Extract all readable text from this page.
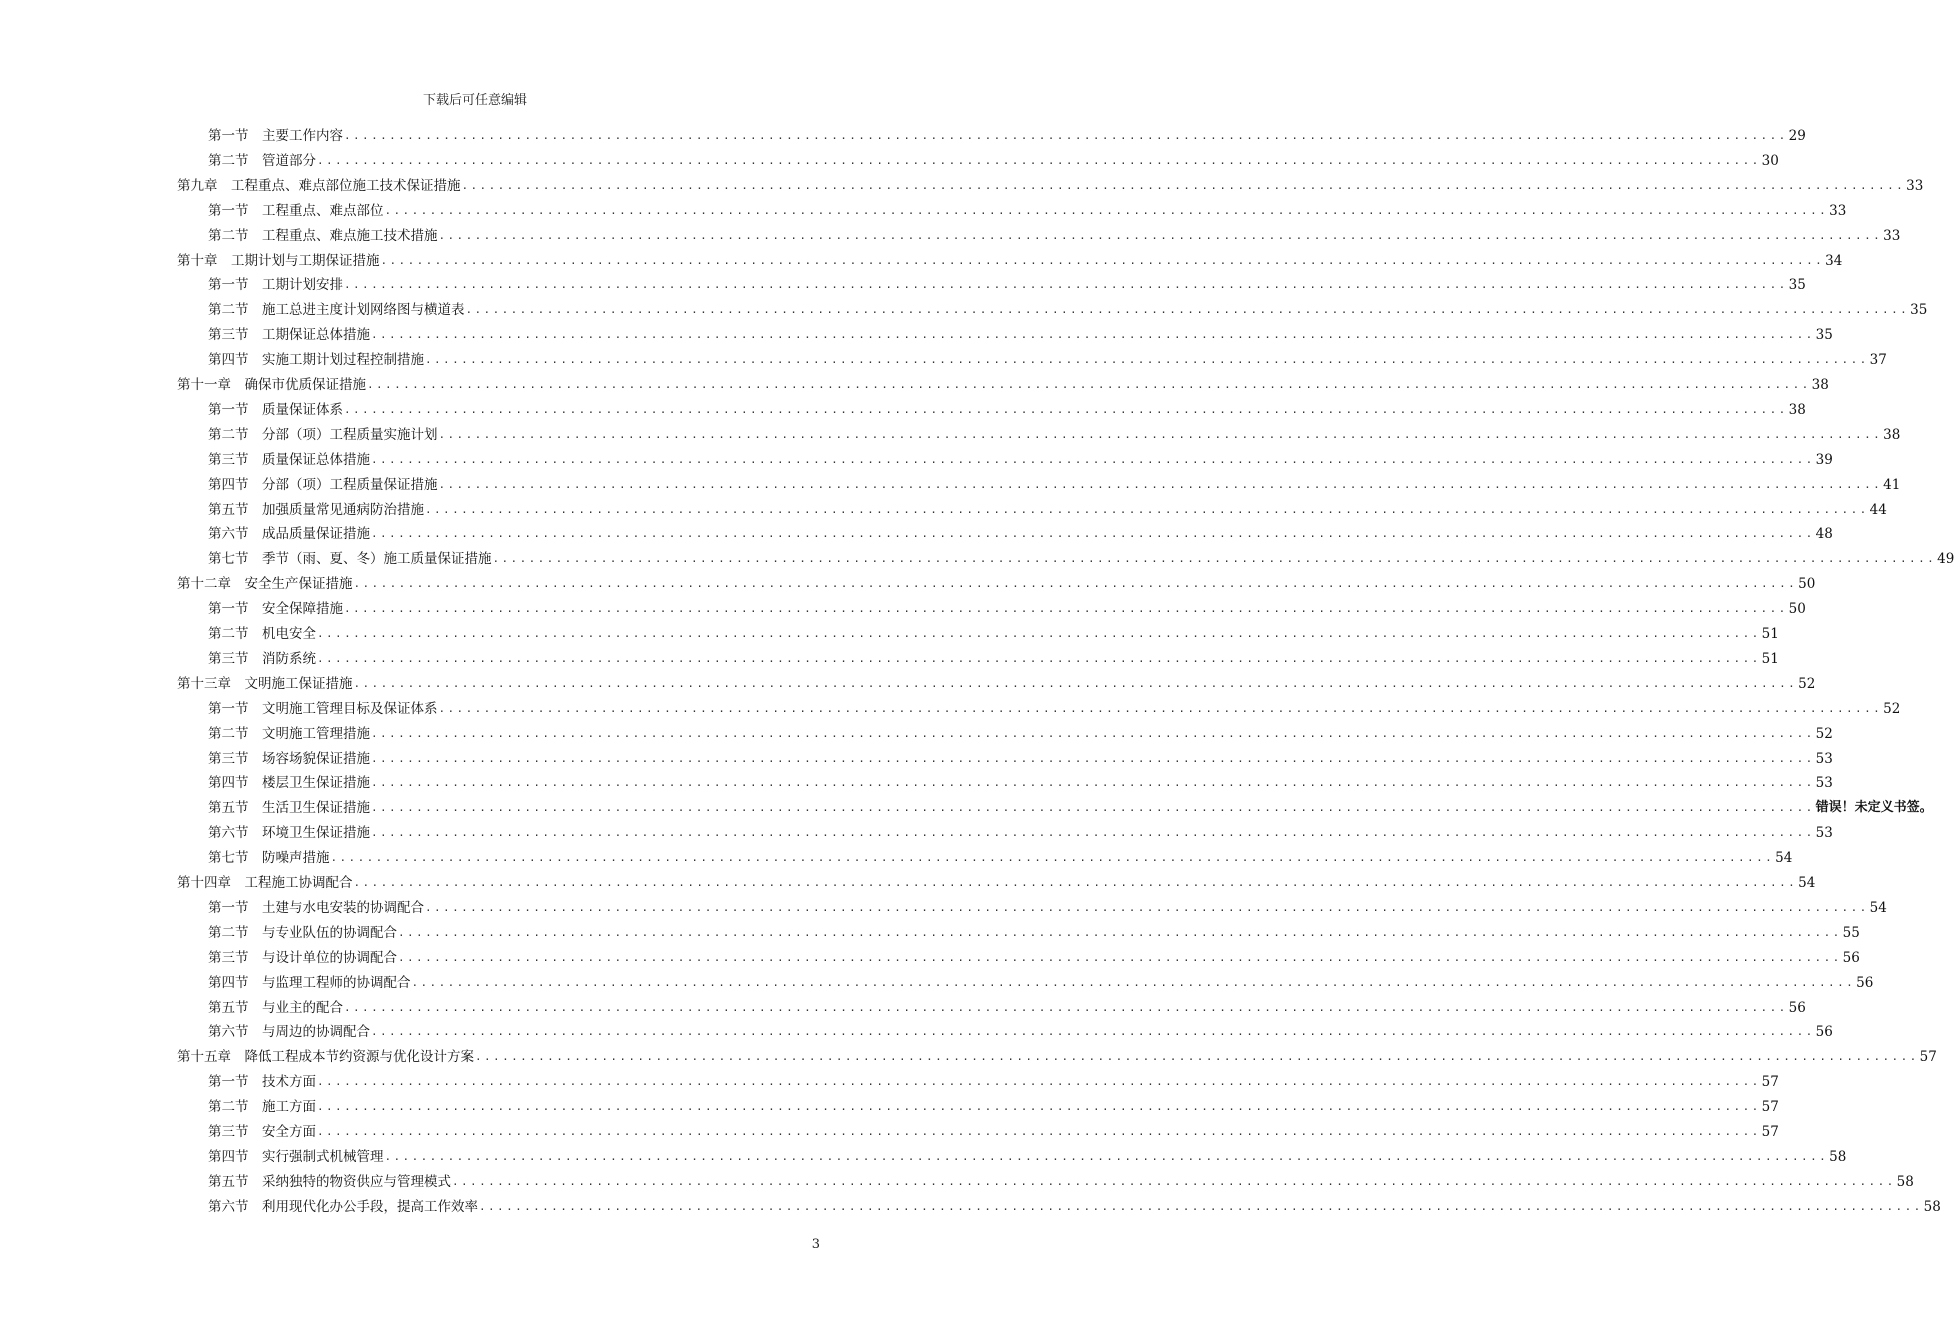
下载后可任意编辑
第一节 主要工作内容 ................................................................................................................................................................ 29
第二节 管道部分 ................................................................................................................................................................ 30
第九章 工程重点、难点部位施工技术保证措施 ................................................................................................................................................................ 33
第一节 工程重点、难点部位 ................................................................................................................................................................ 33
第二节 工程重点、难点施工技术措施 ................................................................................................................................................................ 33
第十章 工期计划与工期保证措施 ................................................................................................................................................................ 34
第一节 工期计划安排 ................................................................................................................................................................ 35
第二节 施工总进主度计划网络图与横道表 ................................................................................................................................................................ 35
第三节 工期保证总体措施 ................................................................................................................................................................ 35
第四节 实施工期计划过程控制措施 ................................................................................................................................................................ 37
第十一章 确保市优质保证措施 ................................................................................................................................................................ 38
第一节 质量保证体系 ................................................................................................................................................................ 38
第二节 分部（项）工程质量实施计划 ................................................................................................................................................................ 38
第三节 质量保证总体措施 ................................................................................................................................................................ 39
第四节 分部（项）工程质量保证措施 ................................................................................................................................................................ 41
第五节 加强质量常见通病防治措施 ................................................................................................................................................................ 44
第六节 成品质量保证措施 ................................................................................................................................................................ 48
第七节 季节（雨、夏、冬）施工质量保证措施 ................................................................................................................................................................ 49
第十二章 安全生产保证措施 ................................................................................................................................................................ 50
第一节 安全保障措施 ................................................................................................................................................................ 50
第二节 机电安全 ................................................................................................................................................................ 51
第三节 消防系统 ................................................................................................................................................................ 51
第十三章 文明施工保证措施 ................................................................................................................................................................ 52
第一节 文明施工管理目标及保证体系 ................................................................................................................................................................ 52
第二节 文明施工管理措施 ................................................................................................................................................................ 52
第三节 场容场貌保证措施 ................................................................................................................................................................ 53
第四节 楼层卫生保证措施 ................................................................................................................................................................ 53
第五节 生活卫生保证措施 ................................................................................................................................................................ 错误！未定义书签。
第六节 环境卫生保证措施 ................................................................................................................................................................ 53
第七节 防噪声措施 ................................................................................................................................................................ 54
第十四章 工程施工协调配合 ................................................................................................................................................................ 54
第一节 土建与水电安装的协调配合 ................................................................................................................................................................ 54
第二节 与专业队伍的协调配合 ................................................................................................................................................................ 55
第三节 与设计单位的协调配合 ................................................................................................................................................................ 56
第四节 与监理工程师的协调配合 ................................................................................................................................................................ 56
第五节 与业主的配合 ................................................................................................................................................................ 56
第六节 与周边的协调配合 ................................................................................................................................................................ 56
第十五章 降低工程成本节约资源与优化设计方案 ................................................................................................................................................................ 57
第一节 技术方面 ................................................................................................................................................................ 57
第二节 施工方面 ................................................................................................................................................................ 57
第三节 安全方面 ................................................................................................................................................................ 57
第四节 实行强制式机械管理 ................................................................................................................................................................ 58
第五节 采纳独特的物资供应与管理模式 ................................................................................................................................................................ 58
第六节 利用现代化办公手段，提高工作效率 ................................................................................................................................................................ 58
3
